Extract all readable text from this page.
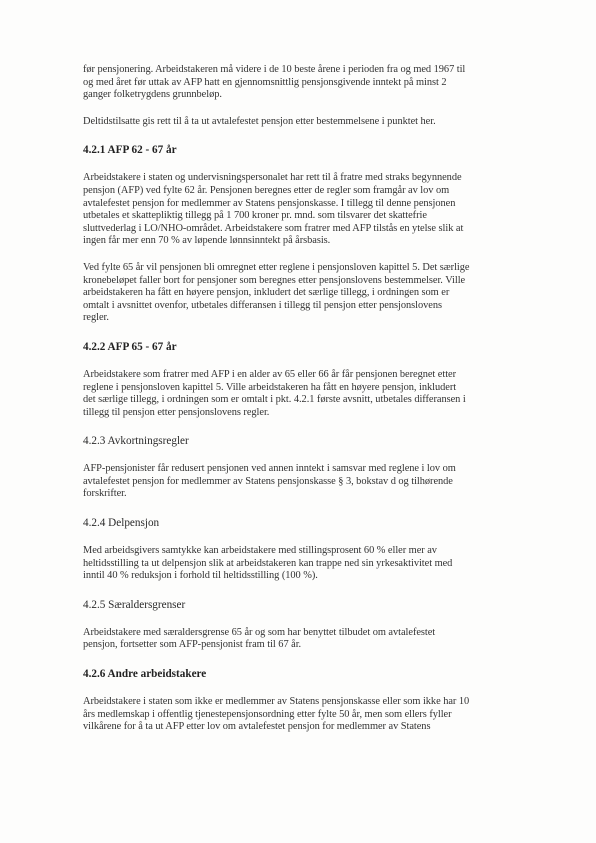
før pensjonering. Arbeidstakeren må videre i de 10 beste årene i perioden fra og med 1967 til
og med året før uttak av AFP hatt en gjennomsnittlig pensjonsgivende inntekt på minst 2
ganger folketrygdens grunnbeløp.

Deltidstilsatte gis rett til å ta ut avtalefestet pensjon etter bestemmelsene i punktet her.

4.2.1 AFP 62 - 67 år

Arbeidstakere i staten og undervisningspersonalet har rett til å fratre med straks begynnende
pensjon (AFP) ved fylte 62 år. Pensjonen beregnes etter de regler som framgår av lov om
avtalefestet pensjon for medlemmer av Statens pensjonskasse. I tillegg til denne pensjonen
utbetales et skattepliktig tillegg på 1 700 kroner pr. mnd. som tilsvarer det skattefrie
sluttvederlag i LO/NHO-området. Arbeidstakere som fratrer med AFP tilstås en ytelse slik at
ingen får mer enn 70 % av løpende lønnsinntekt på årsbasis.

Ved fylte 65 år vil pensjonen bli omregnet etter reglene i pensjonsloven kapittel 5. Det særlige
kronebeløpet faller bort for pensjoner som beregnes etter pensjonslovens bestemmelser. Ville
arbeidstakeren ha fått en høyere pensjon, inkludert det særlige tillegg, i ordningen som er
omtalt i avsnittet ovenfor, utbetales differansen i tillegg til pensjon etter pensjonslovens
regler.

4.2.2 AFP 65 - 67 år

Arbeidstakere som fratrer med AFP i en alder av 65 eller 66 år får pensjonen beregnet etter
reglene i pensjonsloven kapittel 5. Ville arbeidstakeren ha fått en høyere pensjon, inkludert
det særlige tillegg, i ordningen som er omtalt i pkt. 4.2.1 første avsnitt, utbetales differansen i
tillegg til pensjon etter pensjonslovens regler.

4.2.3 Avkortningsregler

AFP-pensjonister får redusert pensjonen ved annen inntekt i samsvar med reglene i lov om
avtalefestet pensjon for medlemmer av Statens pensjonskasse § 3, bokstav d og tilhørende
forskrifter.

4.2.4 Delpensjon

Med arbeidsgivers samtykke kan arbeidstakere med stillingsprosent 60 % eller mer av
heltidsstilling ta ut delpensjon slik at arbeidstakeren kan trappe ned sin yrkesaktivitet med
inntil 40 % reduksjon i forhold til heltidsstilling (100 %).

4.2.5 Særaldersgrenser

Arbeidstakere med særaldersgrense 65 år og som har benyttet tilbudet om avtalefestet
pensjon, fortsetter som AFP-pensjonist fram til 67 år.

4.2.6 Andre arbeidstakere

Arbeidstakere i staten som ikke er medlemmer av Statens pensjonskasse eller som ikke har 10
års medlemskap i offentlig tjenestepensjonsordning etter fylte 50 år, men som ellers fyller
vilkårene for å ta ut AFP etter lov om avtalefestet pensjon for medlemmer av Statens
